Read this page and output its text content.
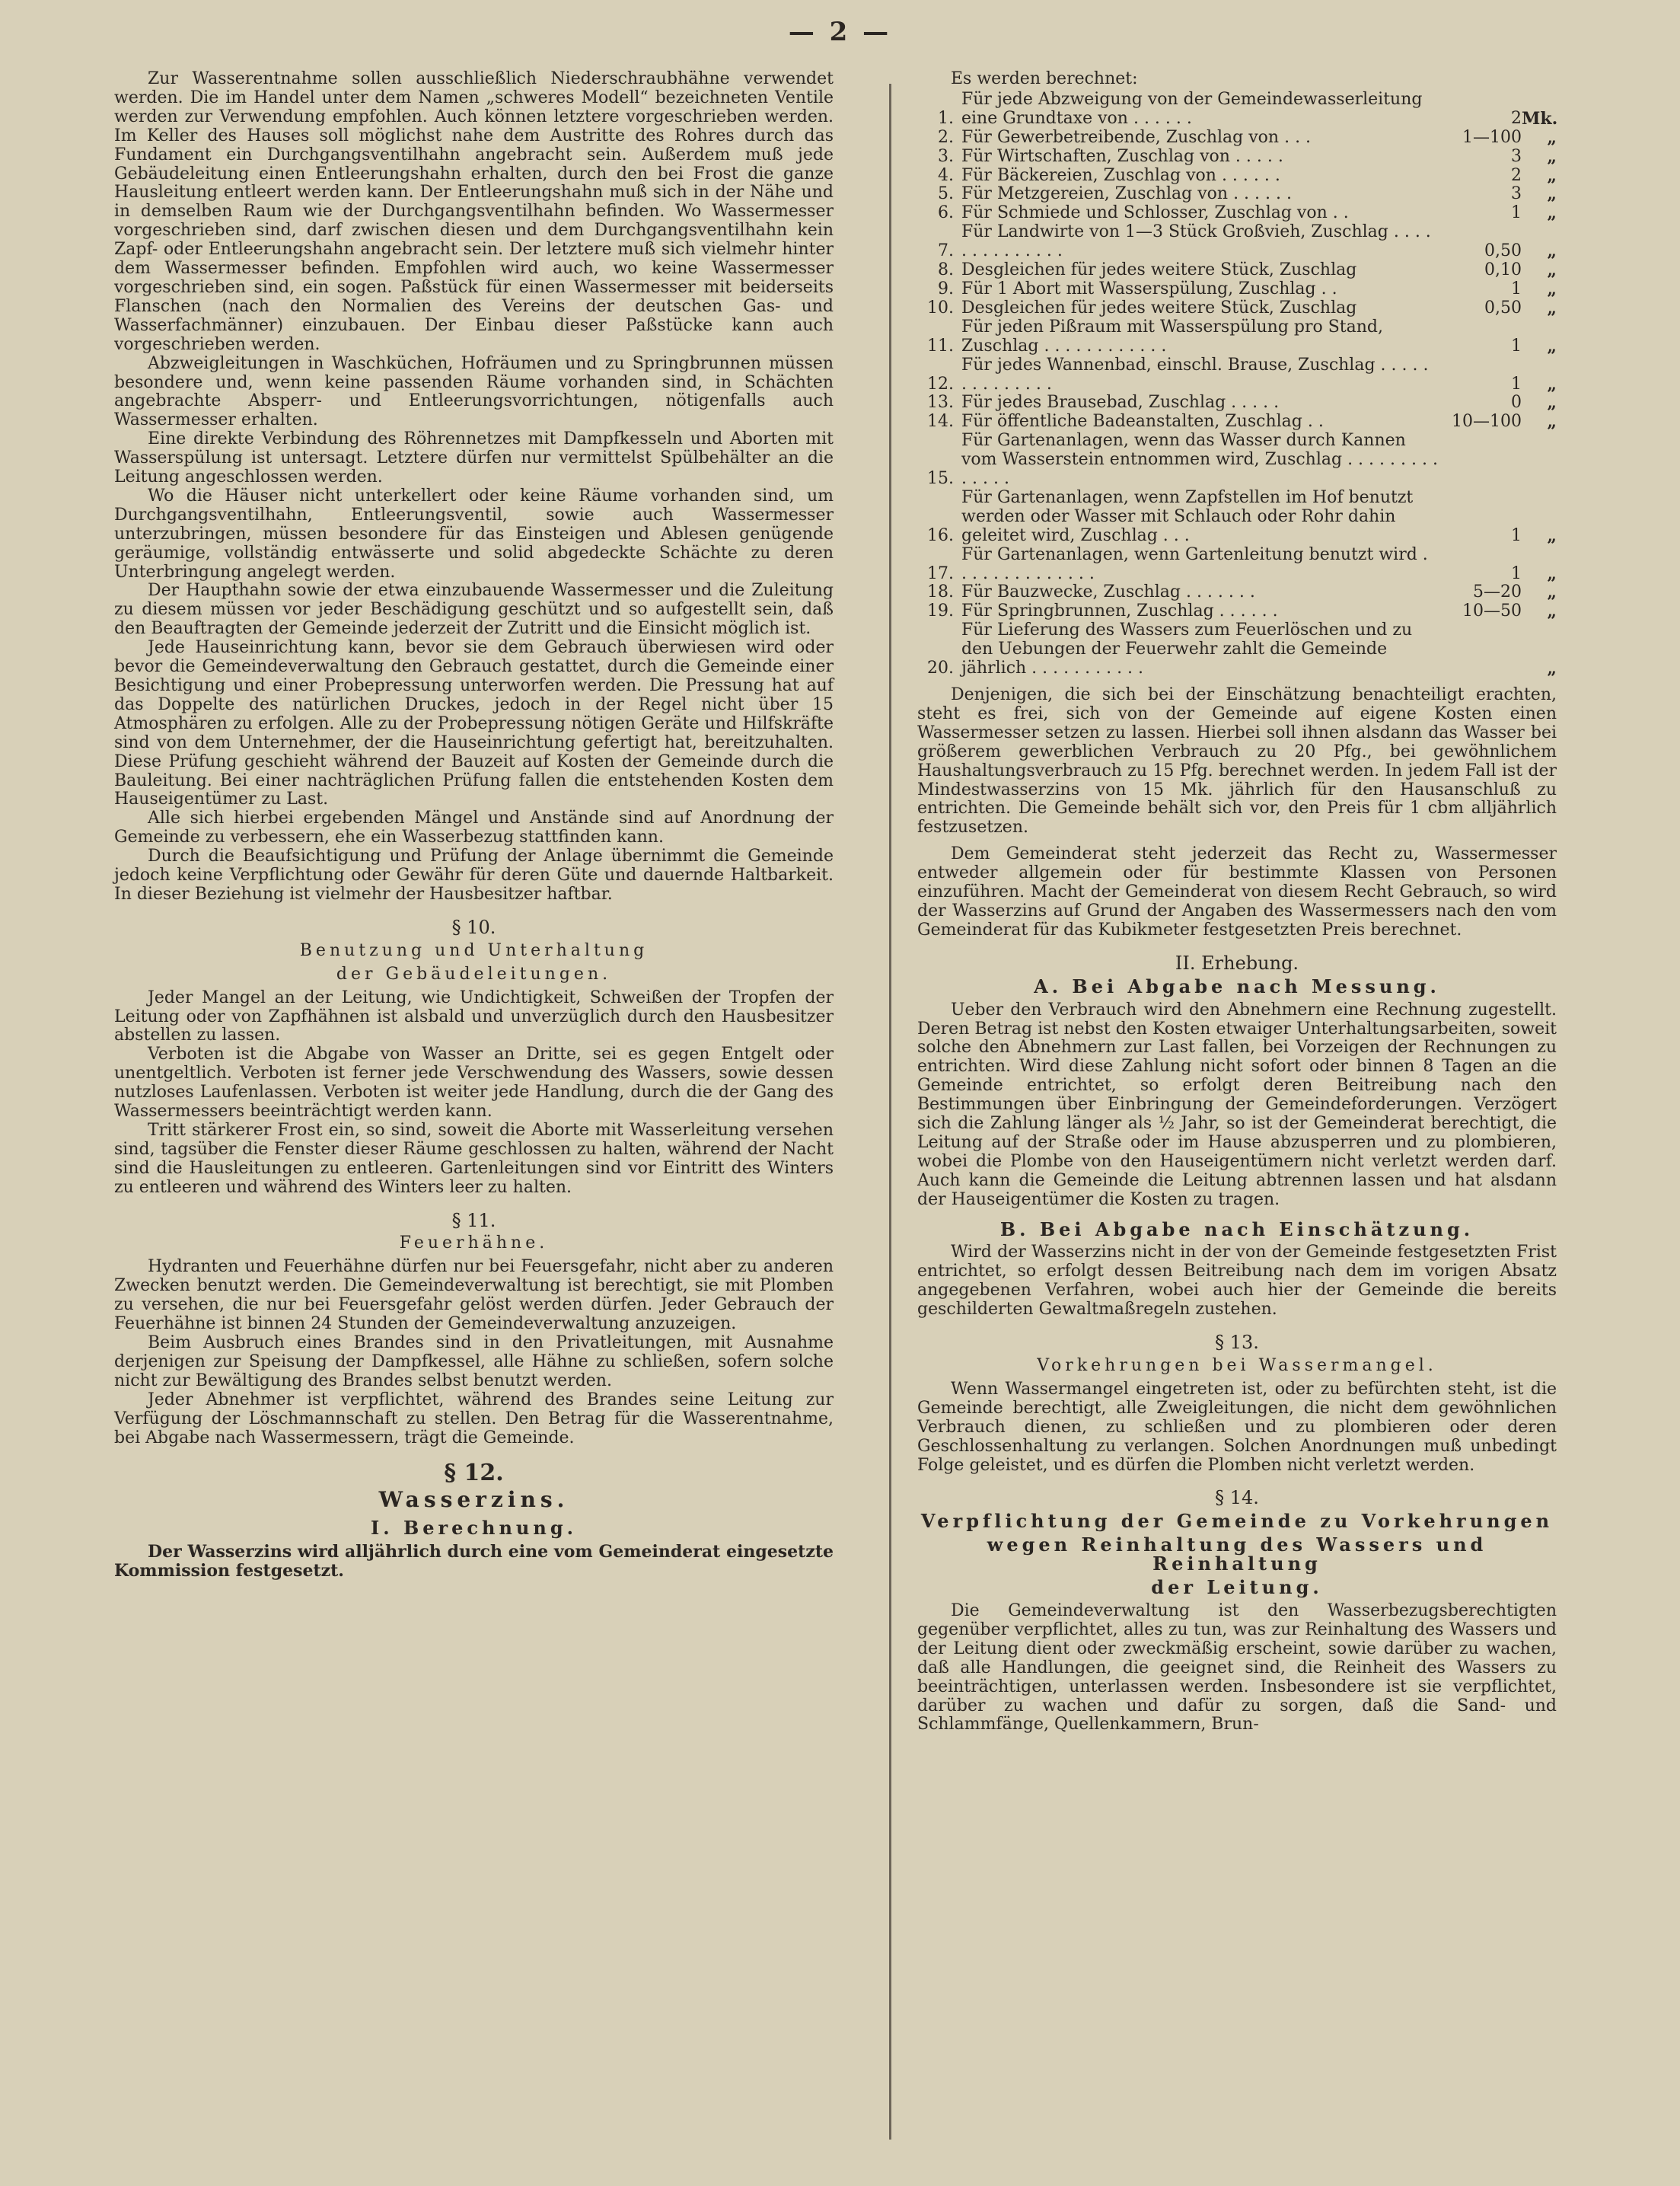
— 2 —

Zur Wasserentnahme sollen ausschließlich Niederschraubhähne verwendet werden. Die im Handel unter dem Namen „schweres Modell“ bezeichneten Ventile werden zur Verwendung empfohlen. Auch können letztere vorgeschrieben werden. Im Keller des Hauses soll möglichst nahe dem Austritte des Rohres durch das Fundament ein Durchgangsventilhahn angebracht sein. Außerdem muß jede Gebäudeleitung einen Entleerungshahn erhalten, durch den bei Frost die ganze Hausleitung entleert werden kann. Der Entleerungshahn muß sich in der Nähe und in demselben Raum wie der Durchgangsventilhahn befinden. Wo Wassermesser vorgeschrieben sind, darf zwischen diesen und dem Durchgangsventilhahn kein Zapf- oder Entleerungshahn angebracht sein. Der letztere muß sich vielmehr hinter dem Wassermesser befinden. Empfohlen wird auch, wo keine Wassermesser vorgeschrieben sind, ein sogen. Paßstück für einen Wassermesser mit beiderseits Flanschen (nach den Normalien des Vereins der deutschen Gas- und Wasserfachmänner) einzubauen. Der Einbau dieser Paßstücke kann auch vorgeschrieben werden.

Abzweigleitungen in Waschküchen, Hofräumen und zu Springbrunnen müssen besondere und, wenn keine passenden Räume vorhanden sind, in Schächten angebrachte Absperr- und Entleerungsvorrichtungen, nötigenfalls auch Wassermesser erhalten.

Eine direkte Verbindung des Röhrennetzes mit Dampfkesseln und Aborten mit Wasserspülung ist untersagt. Letztere dürfen nur vermittelst Spülbehälter an die Leitung angeschlossen werden.

Wo die Häuser nicht unterkellert oder keine Räume vorhanden sind, um Durchgangsventilhahn, Entleerungsventil, sowie auch Wassermesser unterzubringen, müssen besondere für das Einsteigen und Ablesen genügende geräumige, vollständig entwässerte und solid abgedeckte Schächte zu deren Unterbringung angelegt werden.

Der Haupthahn sowie der etwa einzubauende Wassermesser und die Zuleitung zu diesem müssen vor jeder Beschädigung geschützt und so aufgestellt sein, daß den Beauftragten der Gemeinde jederzeit der Zutritt und die Einsicht möglich ist.

Jede Hauseinrichtung kann, bevor sie dem Gebrauch überwiesen wird oder bevor die Gemeindeverwaltung den Gebrauch gestattet, durch die Gemeinde einer Besichtigung und einer Probepressung unterworfen werden. Die Pressung hat auf das Doppelte des natürlichen Druckes, jedoch in der Regel nicht über 15 Atmosphären zu erfolgen. Alle zu der Probepressung nötigen Geräte und Hilfskräfte sind von dem Unternehmer, der die Hauseinrichtung gefertigt hat, bereitzuhalten. Diese Prüfung geschieht während der Bauzeit auf Kosten der Gemeinde durch die Bauleitung. Bei einer nachträglichen Prüfung fallen die entstehenden Kosten dem Hauseigentümer zu Last.

Alle sich hierbei ergebenden Mängel und Anstände sind auf Anordnung der Gemeinde zu verbessern, ehe ein Wasserbezug stattfinden kann.

Durch die Beaufsichtigung und Prüfung der Anlage übernimmt die Gemeinde jedoch keine Verpflichtung oder Gewähr für deren Güte und dauernde Haltbarkeit. In dieser Beziehung ist vielmehr der Hausbesitzer haftbar.

§ 10.
Benutzung und Unterhaltung
der Gebäudeleitungen.

Jeder Mangel an der Leitung, wie Undichtigkeit, Schweißen der Tropfen der Leitung oder von Zapfhähnen ist alsbald und unverzüglich durch den Hausbesitzer abstellen zu lassen.

Verboten ist die Abgabe von Wasser an Dritte, sei es gegen Entgelt oder unentgeltlich. Verboten ist ferner jede Verschwendung des Wassers, sowie dessen nutzloses Laufenlassen. Verboten ist weiter jede Handlung, durch die der Gang des Wassermessers beeinträchtigt werden kann.

Tritt stärkerer Frost ein, so sind, soweit die Aborte mit Wasserleitung versehen sind, tagsüber die Fenster dieser Räume geschlossen zu halten, während der Nacht sind die Hausleitungen zu entleeren. Gartenleitungen sind vor Eintritt des Winters zu entleeren und während des Winters leer zu halten.

§ 11.
Feuerhähne.

Hydranten und Feuerhähne dürfen nur bei Feuersgefahr, nicht aber zu anderen Zwecken benutzt werden. Die Gemeindeverwaltung ist berechtigt, sie mit Plomben zu versehen, die nur bei Feuersgefahr gelöst werden dürfen. Jeder Gebrauch der Feuerhähne ist binnen 24 Stunden der Gemeindeverwaltung anzuzeigen.

Beim Ausbruch eines Brandes sind in den Privatleitungen, mit Ausnahme derjenigen zur Speisung der Dampfkessel, alle Hähne zu schließen, sofern solche nicht zur Bewältigung des Brandes selbst benutzt werden.

Jeder Abnehmer ist verpflichtet, während des Brandes seine Leitung zur Verfügung der Löschmannschaft zu stellen. Den Betrag für die Wasserentnahme, bei Abgabe nach Wassermessern, trägt die Gemeinde.

§ 12.
Wasserzins.
I. Berechnung.

Der Wasserzins wird alljährlich durch eine vom Gemeinderat eingesetzte Kommission festgesetzt.

Es werden berechnet:

1.
Für jede Abzweigung von der Gemeindewasserleitung eine Grundtaxe von . . . . . .	2 Mk.
2. Für Gewerbetreibende, Zuschlag von . . .	1—100	„
3. Für Wirtschaften, Zuschlag von . . . . .	3	„
4. Für Bäckereien, Zuschlag von . . . . . .	2	„
5. Für Metzgereien, Zuschlag von . . . . . .	3	„
6. Für Schmiede und Schlosser, Zuschlag von . .	1	„
7.
Für Landwirte von 1—3 Stück Großvieh, Zuschlag . . . . . . . . . . . . . .	0,50	„
8. Desgleichen für jedes weitere Stück, Zuschlag	0,10	„
9. Für 1 Abort mit Wasserspülung, Zuschlag . .	1	„
10. Desgleichen für jedes weitere Stück, Zuschlag	0,50	„
11.
Für jeden Pißraum mit Wasserspülung pro Stand, Zuschlag . . . . . . . . . . . .	1	„
12.
Für jedes Wannenbad, einschl. Brause, Zuschlag . . . . . . . . . . . . . .	1	„
13. Für jedes Brausebad, Zuschlag . . . . .	0	„
14. Für öffentliche Badeanstalten, Zuschlag . .	10—100	„
15.
Für Gartenanlagen, wenn das Wasser durch Kannen vom Wasserstein entnommen wird, Zuschlag . . . . . . . . . . . . . .
16.
Für Gartenanlagen, wenn Zapfstellen im Hof benutzt werden oder Wasser mit Schlauch oder Rohr dahin geleitet wird, Zuschlag . . .	1	„
17.
Für Gartenanlagen, wenn Gartenleitung benutzt wird . . . . . . . . . . . . . .	1	„
18. Für Bauzwecke, Zuschlag . . . . . . .	5—20	„
19. Für Springbrunnen, Zuschlag . . . . . .	10—50	„
20.
Für Lieferung des Wassers zum Feuerlöschen und zu den Uebungen der Feuerwehr zahlt die Gemeinde jährlich . . . . . . . . . . .	„

Denjenigen, die sich bei der Einschätzung benachteiligt erachten, steht es frei, sich von der Gemeinde auf eigene Kosten einen Wassermesser setzen zu lassen. Hierbei soll ihnen alsdann das Wasser bei größerem gewerblichen Verbrauch zu 20 Pfg., bei gewöhnlichem Haushaltungsverbrauch zu 15 Pfg. berechnet werden. In jedem Fall ist der Mindestwasserzins von 15 Mk. jährlich für den Hausanschluß zu entrichten. Die Gemeinde behält sich vor, den Preis für 1 cbm alljährlich festzusetzen.

Dem Gemeinderat steht jederzeit das Recht zu, Wassermesser entweder allgemein oder für bestimmte Klassen von Personen einzuführen. Macht der Gemeinderat von diesem Recht Gebrauch, so wird der Wasserzins auf Grund der Angaben des Wassermessers nach den vom Gemeinderat für das Kubikmeter festgesetzten Preis berechnet.

II. Erhebung.
A. Bei Abgabe nach Messung.

Ueber den Verbrauch wird den Abnehmern eine Rechnung zugestellt. Deren Betrag ist nebst den Kosten etwaiger Unterhaltungsarbeiten, soweit solche den Abnehmern zur Last fallen, bei Vorzeigen der Rechnungen zu entrichten. Wird diese Zahlung nicht sofort oder binnen 8 Tagen an die Gemeinde entrichtet, so erfolgt deren Beitreibung nach den Bestimmungen über Einbringung der Gemeindeforderungen. Verzögert sich die Zahlung länger als ½ Jahr, so ist der Gemeinderat berechtigt, die Leitung auf der Straße oder im Hause abzusperren und zu plombieren, wobei die Plombe von den Hauseigentümern nicht verletzt werden darf. Auch kann die Gemeinde die Leitung abtrennen lassen und hat alsdann der Hauseigentümer die Kosten zu tragen.

B. Bei Abgabe nach Einschätzung.

Wird der Wasserzins nicht in der von der Gemeinde festgesetzten Frist entrichtet, so erfolgt dessen Beitreibung nach dem im vorigen Absatz angegebenen Verfahren, wobei auch hier der Gemeinde die bereits geschilderten Gewaltmaßregeln zustehen.

§ 13.
Vorkehrungen bei Wassermangel.

Wenn Wassermangel eingetreten ist, oder zu befürchten steht, ist die Gemeinde berechtigt, alle Zweigleitungen, die nicht dem gewöhnlichen Verbrauch dienen, zu schließen und zu plombieren oder deren Geschlossenhaltung zu verlangen. Solchen Anordnungen muß unbedingt Folge geleistet, und es dürfen die Plomben nicht verletzt werden.

§ 14.
Verpflichtung der Gemeinde zu Vorkehrungen
wegen Reinhaltung des Wassers und Reinhaltung
der Leitung.

Die Gemeindeverwaltung ist den Wasserbezugsberechtigten gegenüber verpflichtet, alles zu tun, was zur Reinhaltung des Wassers und der Leitung dient oder zweckmäßig erscheint, sowie darüber zu wachen, daß alle Handlungen, die geeignet sind, die Reinheit des Wassers zu beeinträchtigen, unterlassen werden. Insbesondere ist sie verpflichtet, darüber zu wachen und dafür zu sorgen, daß die Sand- und Schlammfänge, Quellenkammern, Brun-
